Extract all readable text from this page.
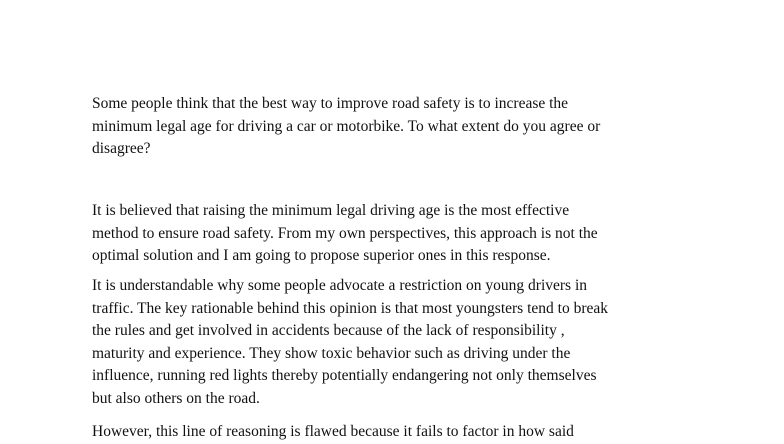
Some people think that the best way to improve road safety is to increase the
minimum legal age for driving a car or motorbike. To what extent do you agree or
disagree?
It is believed that raising the minimum legal driving age is the most effective
method to ensure road safety. From my own perspectives, this approach is not the
optimal solution and I am going to propose superior ones in this response.
It is understandable why some people advocate a restriction on young drivers in
traffic. The key rationable behind this opinion is that most youngsters tend to break
the rules and get involved in accidents because of the lack of responsibility ,
maturity and experience. They show toxic behavior such as driving under the
influence, running red lights thereby potentially endangering not only themselves
but also others on the road.
However, this line of reasoning is flawed because it fails to factor in how said
